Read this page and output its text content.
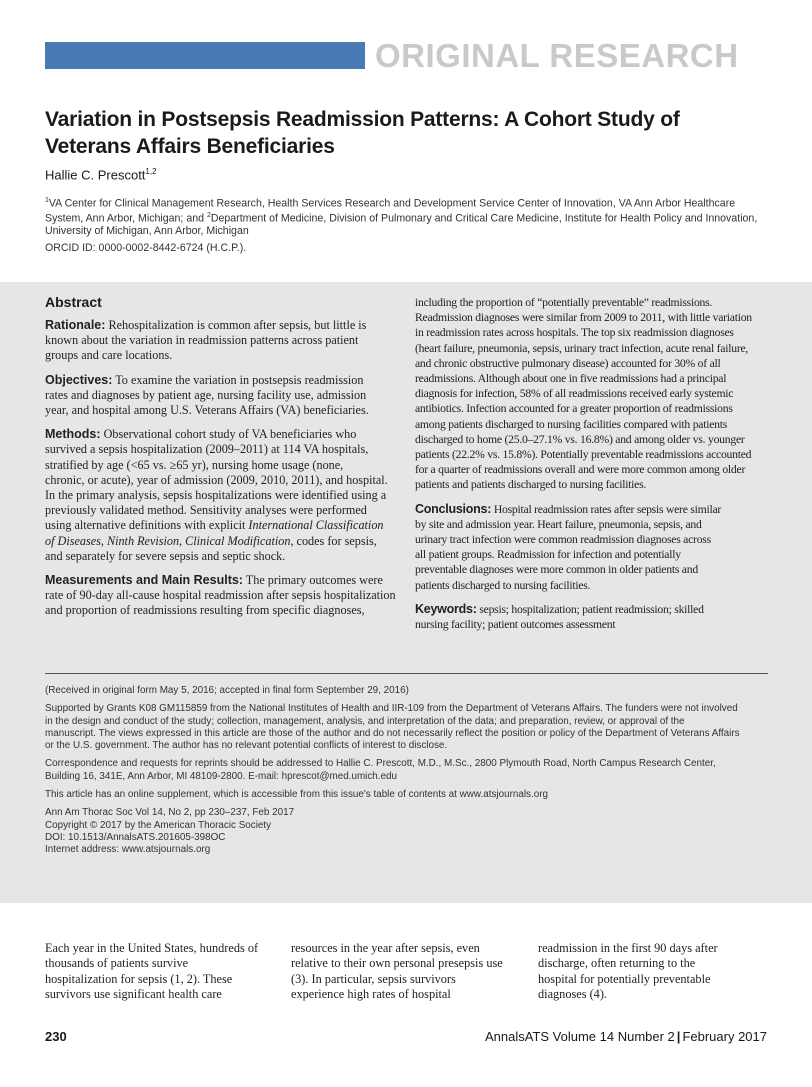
ORIGINAL RESEARCH
Variation in Postsepsis Readmission Patterns: A Cohort Study of Veterans Affairs Beneficiaries
Hallie C. Prescott$^{1,2}$
$^1$VA Center for Clinical Management Research, Health Services Research and Development Service Center of Innovation, VA Ann Arbor Healthcare System, Ann Arbor, Michigan; and $^2$Department of Medicine, Division of Pulmonary and Critical Care Medicine, Institute for Health Policy and Innovation, University of Michigan, Ann Arbor, Michigan
ORCID ID: 0000-0002-8442-6724 (H.C.P.).
Abstract
Rationale: Rehospitalization is common after sepsis, but little is
known about the variation in readmission patterns across patient
groups and care locations.
Objectives: To examine the variation in postsepsis readmission
rates and diagnoses by patient age, nursing facility use, admission
year, and hospital among U.S. Veterans Affairs (VA) beneficiaries.
Methods: Observational cohort study of VA beneficiaries who
survived a sepsis hospitalization (2009–2011) at 114 VA hospitals,
stratified by age (<65 vs. ≥65 yr), nursing home usage (none,
chronic, or acute), year of admission (2009, 2010, 2011), and hospital.
In the primary analysis, sepsis hospitalizations were identified using a
previously validated method. Sensitivity analyses were performed
using alternative definitions with explicit International Classification
of Diseases, Ninth Revision, Clinical Modification, codes for sepsis,
and separately for severe sepsis and septic shock.
Measurements and Main Results: The primary outcomes were
rate of 90-day all-cause hospital readmission after sepsis hospitalization
and proportion of readmissions resulting from specific diagnoses,
including the proportion of “potentially preventable” readmissions.
Readmission diagnoses were similar from 2009 to 2011, with little variation
in readmission rates across hospitals. The top six readmission diagnoses
(heart failure, pneumonia, sepsis, urinary tract infection, acute renal failure,
and chronic obstructive pulmonary disease) accounted for 30% of all
readmissions. Although about one in five readmissions had a principal
diagnosis for infection, 58% of all readmissions received early systemic
antibiotics. Infection accounted for a greater proportion of readmissions
among patients discharged to nursing facilities compared with patients
discharged to home (25.0–27.1% vs. 16.8%) and among older vs. younger
patients (22.2% vs. 15.8%). Potentially preventable readmissions accounted
for a quarter of readmissions overall and were more common among older
patients and patients discharged to nursing facilities.
Conclusions: Hospital readmission rates after sepsis were similar
by site and admission year. Heart failure, pneumonia, sepsis, and
urinary tract infection were common readmission diagnoses across
all patient groups. Readmission for infection and potentially
preventable diagnoses were more common in older patients and
patients discharged to nursing facilities.
Keywords: sepsis; hospitalization; patient readmission; skilled
nursing facility; patient outcomes assessment

(Received in original form May 5, 2016; accepted in final form September 29, 2016)

Supported by Grants K08 GM115859 from the National Institutes of Health and IIR-109 from the Department of Veterans Affairs. The funders were not involved
in the design and conduct of the study; collection, management, analysis, and interpretation of the data; and preparation, review, or approval of the
manuscript. The views expressed in this article are those of the author and do not necessarily reflect the position or policy of the Department of Veterans Affairs
or the U.S. government. The author has no relevant potential conflicts of interest to disclose.

Correspondence and requests for reprints should be addressed to Hallie C. Prescott, M.D., M.Sc., 2800 Plymouth Road, North Campus Research Center,
Building 16, 341E, Ann Arbor, MI 48109-2800. E-mail: hprescot@med.umich.edu

This article has an online supplement, which is accessible from this issue's table of contents at www.atsjournals.org

Ann Am Thorac Soc Vol 14, No 2, pp 230–237, Feb 2017
Copyright © 2017 by the American Thoracic Society
DOI: 10.1513/AnnalsATS.201605-398OC
Internet address: www.atsjournals.org

Each year in the United States, hundreds of
thousands of patients survive
hospitalization for sepsis (1, 2). These
survivors use significant health care
resources in the year after sepsis, even
relative to their own personal presepsis use
(3). In particular, sepsis survivors
experience high rates of hospital
readmission in the first 90 days after
discharge, often returning to the
hospital for potentially preventable
diagnoses (4).
230	AnnalsATS Volume 14 Number 2 | February 2017
